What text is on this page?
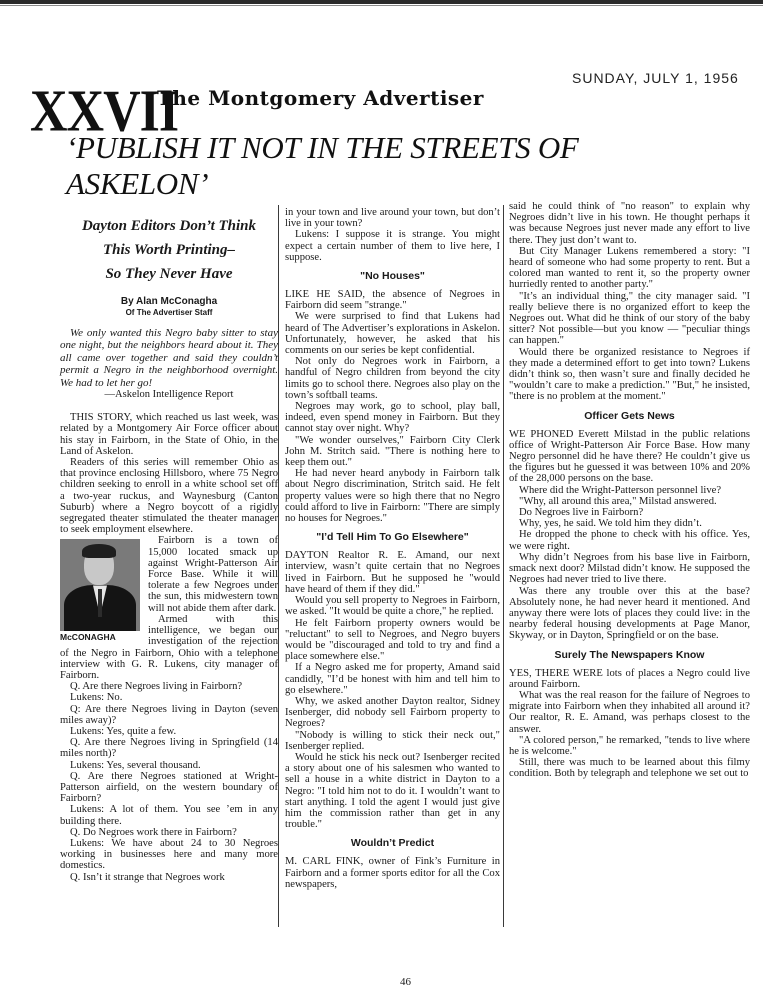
XXVII
The Montgomery Advertiser
SUNDAY, JULY 1, 1956
‘PUBLISH IT NOT IN THE STREETS OF ASKELON’
Dayton Editors Don’t Think
This Worth Printing–
So They Never Have
By Alan McConagha
Of The Advertiser Staff

We only wanted this Negro baby sitter to stay one night, but the neighbors heard about it. They all came over together and said they couldn’t permit a Negro in the neighborhood overnight. We had to let her go!

—Askelon Intelligence Report

THIS STORY, which reached us last week, was related by a Montgomery Air Force officer about his stay in Fairborn, in the State of Ohio, in the Land of Askelon.

Readers of this series will remember Ohio as that province enclosing Hillsboro, where 75 Negro children seeking to enroll in a white school set off a two-year ruckus, and Waynesburg (Canton Suburb) where a Negro boycott of a rigidly segregated theater stimulated the theater manager to seek employment elsewhere.

McCONAGHA

Fairborn is a town of 15,000 located smack up against Wright-Patterson Air Force Base. While it will tolerate a few Negroes under the sun, this midwestern town will not abide them after dark.

Armed with this intelligence, we began our investigation of the rejection of the Negro in Fairborn, Ohio with a telephone interview with G. R. Lukens, city manager of Fairborn.

Q. Are there Negroes living in Fairborn?

Lukens: No.

Q: Are there Negroes living in Dayton (seven miles away)?

Lukens: Yes, quite a few.

Q. Are there Negroes living in Springfield (14 miles north)?

Lukens: Yes, several thousand.

Q. Are there Negroes stationed at Wright-Patterson airfield, on the western boundary of Fairborn?

Lukens: A lot of them. You see ’em in any building there.

Q. Do Negroes work there in Fairborn?

Lukens: We have about 24 to 30 Negroes working in businesses here and many more domestics.

Q. Isn’t it strange that Negroes work

in your town and live around your town, but don’t live in your town?

Lukens: I suppose it is strange. You might expect a certain number of them to live here, I suppose.

"No Houses"

LIKE HE SAID, the absence of Negroes in Fairborn did seem "strange."

We were surprised to find that Lukens had heard of The Advertiser’s explorations in Askelon. Unfortunately, however, he asked that his comments on our series be kept confidential.

Not only do Negroes work in Fairborn, a handful of Negro children from beyond the city limits go to school there. Negroes also play on the town’s softball teams.

Negroes may work, go to school, play ball, indeed, even spend money in Fairborn. But they cannot stay over night. Why?

"We wonder ourselves," Fairborn City Clerk John M. Stritch said. "There is nothing here to keep them out."

He had never heard anybody in Fairborn talk about Negro discrimination, Stritch said. He felt property values were so high there that no Negro could afford to live in Fairborn: "There are simply no houses for Negroes."

"I’d Tell Him To Go Elsewhere"

DAYTON Realtor R. E. Amand, our next interview, wasn’t quite certain that no Negroes lived in Fairborn. But he supposed he "would have heard of them if they did."

Would you sell property to Negroes in Fairborn, we asked. "It would be quite a chore," he replied.

He felt Fairborn property owners would be "reluctant" to sell to Negroes, and Negro buyers would be "discouraged and told to try and find a place somewhere else."

If a Negro asked me for property, Amand said candidly, "I’d be honest with him and tell him to go elsewhere."

Why, we asked another Dayton realtor, Sidney Isenberger, did nobody sell Fairborn property to Negroes?

"Nobody is willing to stick their neck out," Isenberger replied.

Would he stick his neck out? Isenberger recited a story about one of his salesmen who wanted to sell a house in a white district in Dayton to a Negro: "I told him not to do it. I wouldn’t want to start anything. I told the agent I would just give him the commission rather than get in any trouble."

Wouldn’t Predict

M. CARL FINK, owner of Fink’s Furniture in Fairborn and a former sports editor for all the Cox newspapers,

said he could think of "no reason" to explain why Negroes didn’t live in his town. He thought perhaps it was because Negroes just never made any effort to live there. They just don’t want to.

But City Manager Lukens remembered a story: "I heard of someone who had some property to rent. But a colored man wanted to rent it, so the property owner hurriedly rented to another party."

"It’s an individual thing," the city manager said. "I really believe there is no organized effort to keep the Negroes out. What did he think of our story of the baby sitter? Not possible—but you know — "peculiar things can happen."

Would there be organized resistance to Negroes if they made a determined effort to get into town? Lukens didn’t think so, then wasn’t sure and finally decided he "wouldn’t care to make a prediction." "But," he insisted, "there is no problem at the moment."

Officer Gets News

WE PHONED Everett Milstad in the public relations office of Wright-Patterson Air Force Base. How many Negro personnel did he have there? He couldn’t give us the figures but he guessed it was between 10% and 20% of the 28,000 persons on the base.

Where did the Wright-Patterson personnel live?

"Why, all around this area," Milstad answered.

Do Negroes live in Fairborn?

Why, yes, he said. We told him they didn’t.

He dropped the phone to check with his office. Yes, we were right.

Why didn’t Negroes from his base live in Fairborn, smack next door? Milstad didn’t know. He supposed the Negroes had never tried to live there.

Was there any trouble over this at the base? Absolutely none, he had never heard it mentioned. And anyway there were lots of places they could live: in the nearby federal housing developments at Page Manor, Skyway, or in Dayton, Springfield or on the base.

Surely The Newspapers Know

YES, THERE WERE lots of places a Negro could live around Fairborn.

What was the real reason for the failure of Negroes to migrate into Fairborn when they inhabited all around it? Our realtor, R. E. Amand, was perhaps closest to the answer.

"A colored person," he remarked, "tends to live where he is welcome."

Still, there was much to be learned about this filmy condition. Both by telegraph and telephone we set out to

46
